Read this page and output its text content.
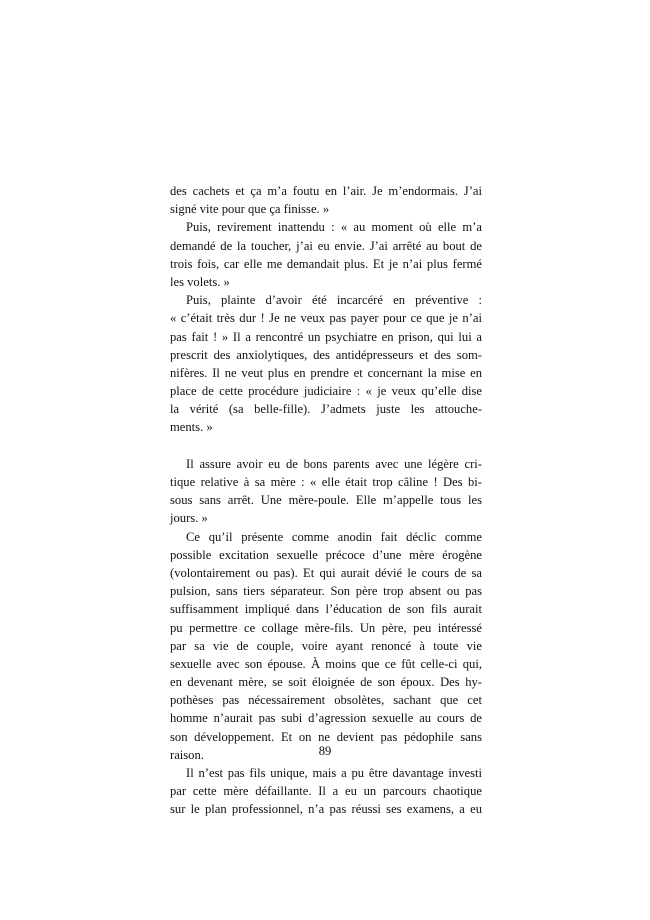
des cachets et ça m’a foutu en l’air. Je m’endormais. J’ai
signé vite pour que ça finisse. »
Puis, revirement inattendu : « au moment où elle m’a
demandé de la toucher, j’ai eu envie. J’ai arrêté au bout de
trois fois, car elle me demandait plus. Et je n’ai plus fermé
les volets. »
Puis, plainte d’avoir été incarcéré en préventive :
« c’était très dur ! Je ne veux pas payer pour ce que je n’ai
pas fait ! » Il a rencontré un psychiatre en prison, qui lui a
prescrit des anxiolytiques, des antidépresseurs et des som-
nifères. Il ne veut plus en prendre et concernant la mise en
place de cette procédure judiciaire : « je veux qu’elle dise
la vérité (sa belle-fille). J’admets juste les attouche-
ments. »
Il assure avoir eu de bons parents avec une légère cri-
tique relative à sa mère : « elle était trop câline ! Des bi-
sous sans arrêt. Une mère-poule. Elle m’appelle tous les
jours. »
Ce qu’il présente comme anodin fait déclic comme
possible excitation sexuelle précoce d’une mère érogène
(volontairement ou pas). Et qui aurait dévié le cours de sa
pulsion, sans tiers séparateur. Son père trop absent ou pas
suffisamment impliqué dans l’éducation de son fils aurait
pu permettre ce collage mère-fils. Un père, peu intéressé
par sa vie de couple, voire ayant renoncé à toute vie
sexuelle avec son épouse. À moins que ce fût celle-ci qui,
en devenant mère, se soit éloignée de son époux. Des hy-
pothèses pas nécessairement obsolètes, sachant que cet
homme n’aurait pas subi d’agression sexuelle au cours de
son développement. Et on ne devient pas pédophile sans
raison.
Il n’est pas fils unique, mais a pu être davantage investi
par cette mère défaillante. Il a eu un parcours chaotique
sur le plan professionnel, n’a pas réussi ses examens, a eu
89
